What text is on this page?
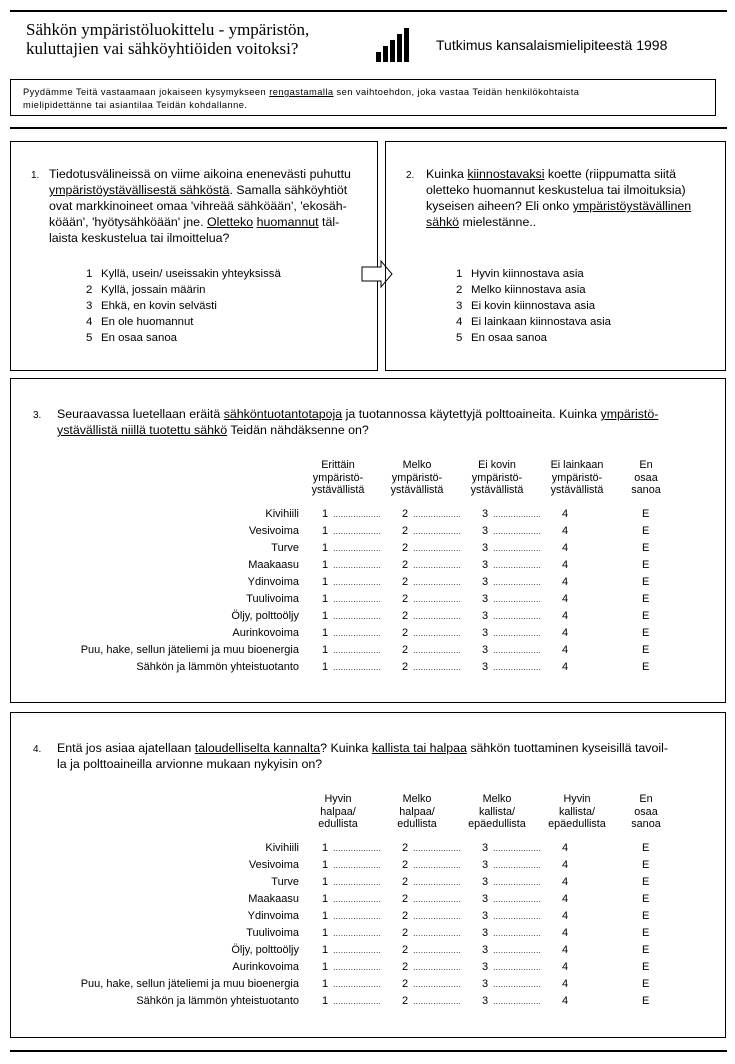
Sähkön ympäristöluokittelu - ympäristön,
kuluttajien vai sähköyhtiöiden voitoksi?	Tutkimus kansalaismielipiteestä 1998
Pyydämme Teitä vastaamaan jokaiseen kysymykseen rengastamalla sen vaihtoehdon, joka vastaa Teidän henkilökohtaista
mielipidettänne tai asiantilaa Teidän kohdallanne.
1. Tiedotusvälineissä on viime aikoina enenevästi puhuttu
ympäristöystävällisestä sähköstä. Samalla sähköyhtiöt
ovat markkinoineet omaa 'vihreää sähköään', 'ekosäh-
köään', 'hyötysähköään' jne. Oletteko huomannut täl-
laista keskustelua tai ilmoittelua?
1 Kyllä, usein/ useissakin yhteyksissä
2 Kyllä, jossain määrin
3 Ehkä, en kovin selvästi
4 En ole huomannut
5 En osaa sanoa
2. Kuinka kiinnostavaksi koette (riippumatta siitä
oletteko huomannut keskustelua tai ilmoituksia)
kyseisen aiheen? Eli onko ympäristöystävällinen
sähkö mielestänne..
1 Hyvin kiinnostava asia
2 Melko kiinnostava asia
3 Ei kovin kiinnostava asia
4 Ei lainkaan kiinnostava asia
5 En osaa sanoa
3. Seuraavassa luetellaan eräitä sähköntuotantotapoja ja tuotannossa käytettyjä polttoaineita. Kuinka ympäristö-
ystävällistä niillä tuotettu sähkö Teidän nähdäksenne on?
Erittäin
ympäristö-
ystävällistä
Melko
ympäristö-
ystävällistä
Ei kovin
ympäristö-
ystävällistä
Ei lainkaan
ympäristö-
ystävällistä
En
osaa
sanoa
Kivihiili 1 ................... 2 ................... 3 ................... 4	E
Vesivoima 1 ................... 2 ................... 3 ................... 4	E
Turve 1 ................... 2 ................... 3 ................... 4	E
Maakaasu 1 ................... 2 ................... 3 ................... 4	E
Ydinvoima 1 ................... 2 ................... 3 ................... 4	E
Tuulivoima 1 ................... 2 ................... 3 ................... 4	E
Öljy, polttoöljy 1 ................... 2 ................... 3 ................... 4	E
Aurinkovoima 1 ................... 2 ................... 3 ................... 4	E
Puu, hake, sellun jäteliemi ja muu bioenergia 1 ................... 2 ................... 3 ................... 4	E
Sähkön ja lämmön yhteistuotanto 1 ................... 2 ................... 3 ................... 4	E
4. Entä jos asiaa ajatellaan taloudelliselta kannalta? Kuinka kallista tai halpaa sähkön tuottaminen kyseisillä tavoil-
la ja polttoaineilla arvionne mukaan nykyisin on?
Hyvin
halpaa/
edullista
Melko
halpaa/
edullista
Melko
kallista/
epäedullista
Hyvin
kallista/
epäedullista
En
osaa
sanoa
Kivihiili 1 ................... 2 ................... 3 ................... 4	E
Vesivoima 1 ................... 2 ................... 3 ................... 4	E
Turve 1 ................... 2 ................... 3 ................... 4	E
Maakaasu 1 ................... 2 ................... 3 ................... 4	E
Ydinvoima 1 ................... 2 ................... 3 ................... 4	E
Tuulivoima 1 ................... 2 ................... 3 ................... 4	E
Öljy, polttoöljy 1 ................... 2 ................... 3 ................... 4	E
Aurinkovoima 1 ................... 2 ................... 3 ................... 4	E
Puu, hake, sellun jäteliemi ja muu bioenergia 1 ................... 2 ................... 3 ................... 4	E
Sähkön ja lämmön yhteistuotanto 1 ................... 2 ................... 3 ................... 4	E
